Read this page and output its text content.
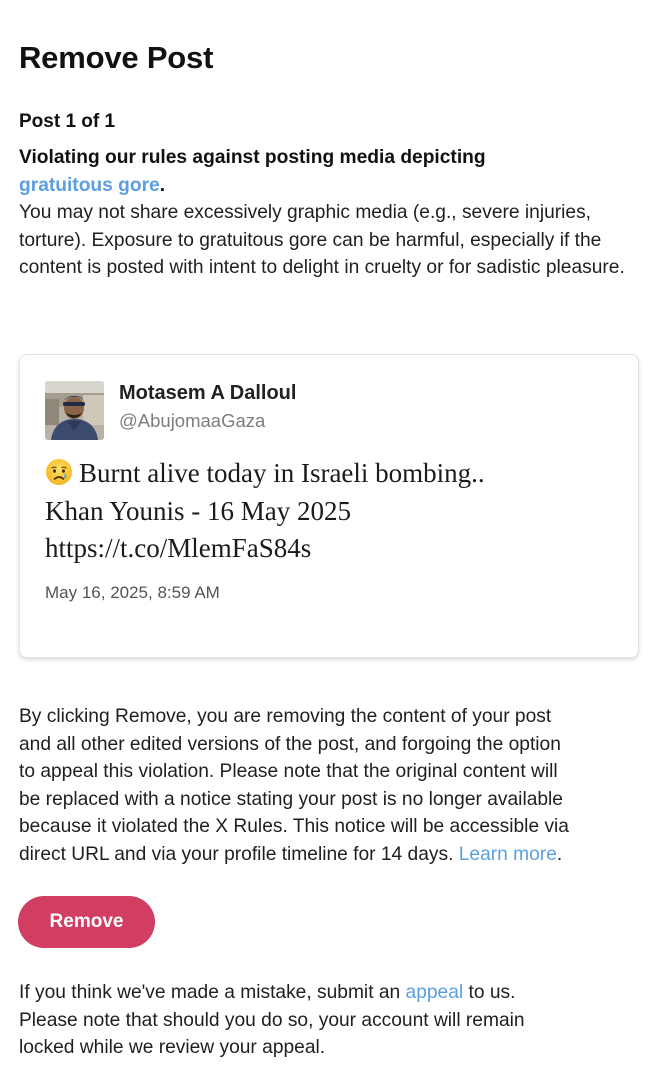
Remove Post
Post 1 of 1
Violating our rules against posting media depicting
gratuitous gore.
You may not share excessively graphic media (e.g., severe injuries, torture). Exposure to gratuitous gore can be harmful, especially if the content is posted with intent to delight in cruelty or for sadistic pleasure.
Motasem A Dalloul
@AbujomaaGaza
Burnt alive today in Israeli bombing..
Khan Younis - 16 May 2025
https://t.co/MlemFaS84s
May 16, 2025, 8:59 AM
By clicking Remove, you are removing the content of your post
and all other edited versions of the post, and forgoing the option
to appeal this violation. Please note that the original content will
be replaced with a notice stating your post is no longer available
because it violated the X Rules. This notice will be accessible via
direct URL and via your profile timeline for 14 days. Learn more.
Remove
If you think we've made a mistake, submit an appeal to us.
Please note that should you do so, your account will remain
locked while we review your appeal.
